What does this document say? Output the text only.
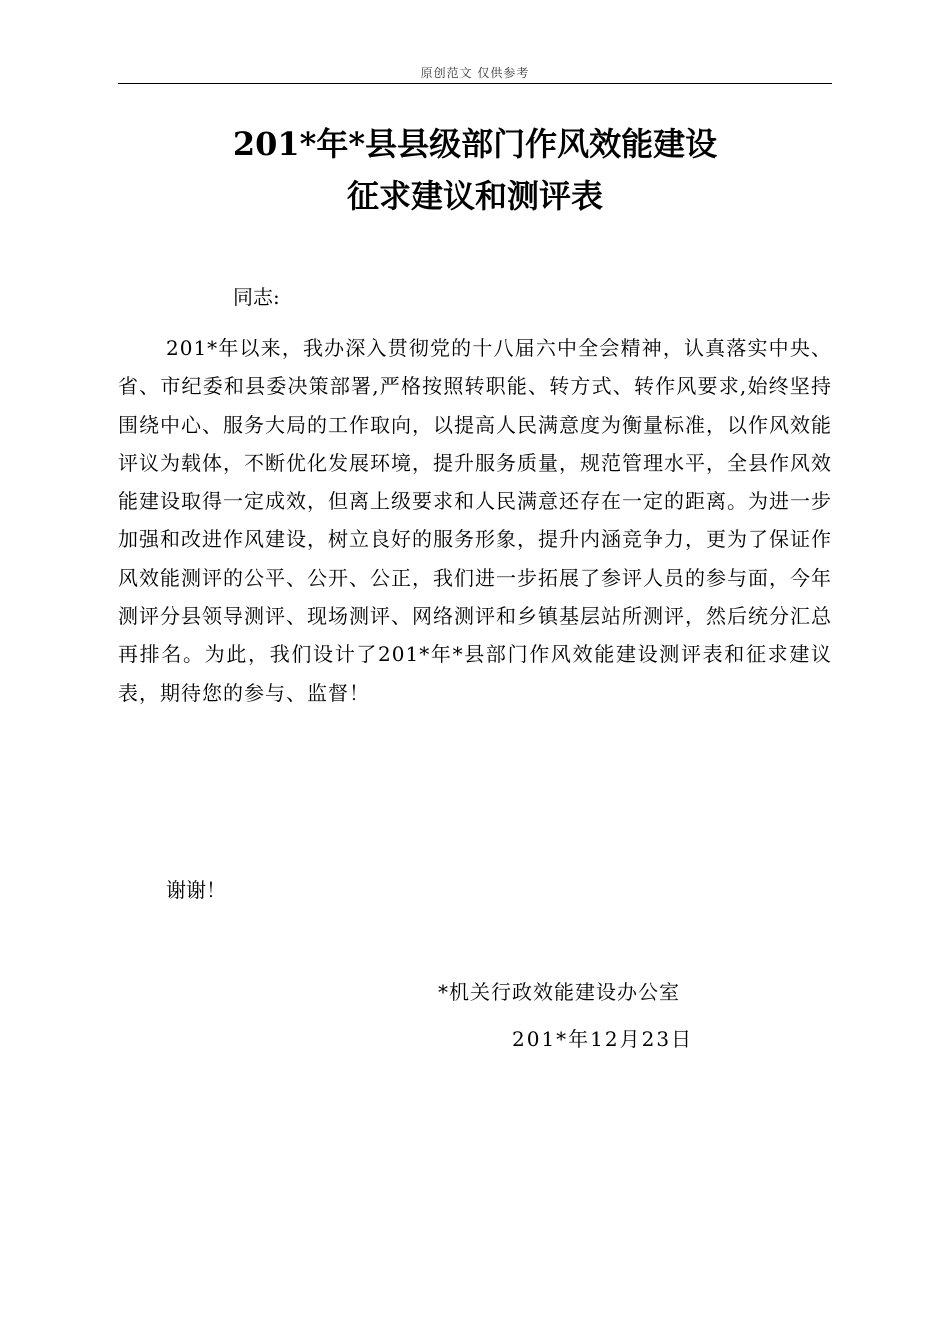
原创范文 仅供参考
201*年*县县级部门作风效能建设
征求建议和测评表
同志:

201*年以来，我办深入贯彻党的十八届六中全会精神，认真落实中央、省、市纪委和县委决策部署,严格按照转职能、转方式、转作风要求,始终坚持围绕中心、服务大局的工作取向，以提高人民满意度为衡量标准，以作风效能评议为载体，不断优化发展环境，提升服务质量，规范管理水平，全县作风效能建设取得一定成效，但离上级要求和人民满意还存在一定的距离。为进一步加强和改进作风建设，树立良好的服务形象，提升内涵竞争力，更为了保证作风效能测评的公平、公开、公正，我们进一步拓展了参评人员的参与面，今年测评分县领导测评、现场测评、网络测评和乡镇基层站所测评，然后统分汇总再排名。为此，我们设计了201*年*县部门作风效能建设测评表和征求建议表，期待您的参与、监督！

谢谢！
*机关行政效能建设办公室
201*年12月23日
